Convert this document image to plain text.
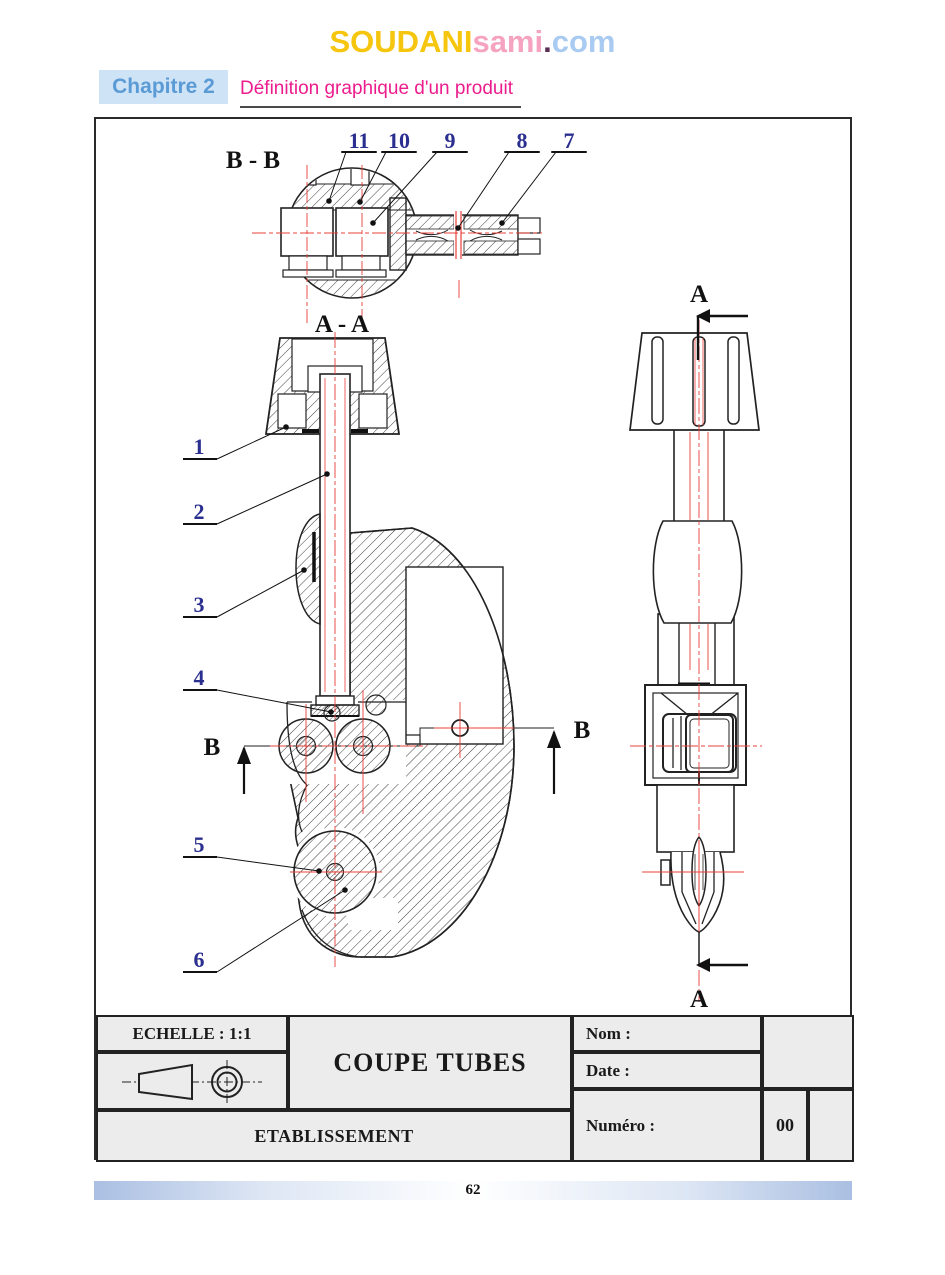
SOUDANIsami.com
Chapitre 2	Définition graphique d'un produit
B - B
11 10 9	8 7
A - A
B
B
1
2
3
4
5
6
A
A
ECHELLE : 1:1
COUPE TUBES
ETABLISSEMENT
Nom :
Date :
Numéro :	00
62
